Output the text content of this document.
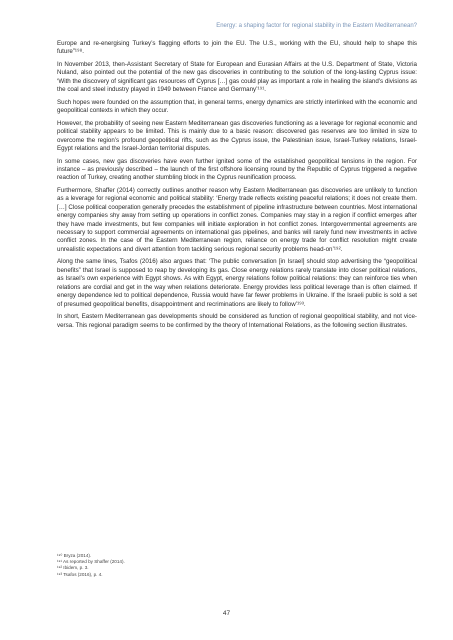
Energy: a shaping factor for regional stability in the Eastern Mediterranean?

Europe and re-energising Turkey’s flagging efforts to join the EU. The U.S., working with the EU, should help to shape this future”¹⁹⁸.

In November 2013, then-Assistant Secretary of State for European and Eurasian Affairs at the U.S. Department of State, Victoria Nuland, also pointed out the potential of the new gas discoveries in contributing to the solution of the long-lasting Cyprus issue: ‘With the discovery of significant gas resources off Cyprus […] gas could play as important a role in healing the island’s divisions as the coal and steel industry played in 1949 between France and Germany’¹⁹¹.

Such hopes were founded on the assumption that, in general terms, energy dynamics are strictly interlinked with the economic and geopolitical contexts in which they occur.

However, the probability of seeing new Eastern Mediterranean gas discoveries functioning as a leverage for regional economic and political stability appears to be limited. This is mainly due to a basic reason: discovered gas reserves are too limited in size to overcome the region’s profound geopolitical rifts, such as the Cyprus issue, the Palestinian issue, Israel-Turkey relations, Israel-Egypt relations and the Israel-Jordan territorial disputes.

In some cases, new gas discoveries have even further ignited some of the established geopolitical tensions in the region. For instance – as previously described – the launch of the first offshore licensing round by the Republic of Cyprus triggered a negative reaction of Turkey, creating another stumbling block in the Cyprus reunification process.

Furthermore, Shaffer (2014) correctly outlines another reason why Eastern Mediterranean gas discoveries are unlikely to function as a leverage for regional economic and political stability: ‘Energy trade reflects existing peaceful relations; it does not create them. […] Close political cooperation generally precedes the establishment of pipeline infrastructure between countries. Most international energy companies shy away from setting up operations in conflict zones. Companies may stay in a region if conflict emerges after they have made investments, but few companies will initiate exploration in hot conflict zones. Intergovernmental agreements are necessary to support commercial agreements on international gas pipelines, and banks will rarely fund new investments in active conflict zones. In the case of the Eastern Mediterranean region, reliance on energy trade for conflict resolution might create unrealistic expectations and divert attention from tackling serious regional security problems head-on’¹⁹².

Along the same lines, Tsafos (2016) also argues that: ‘The public conversation [in Israel] should stop advertising the “geopolitical benefits” that Israel is supposed to reap by developing its gas. Close energy relations rarely translate into closer political relations, as Israel’s own experience with Egypt shows. As with Egypt, energy relations follow political relations: they can reinforce ties when relations are cordial and get in the way when relations deteriorate. Energy provides less political leverage than is often claimed. If energy dependence led to political dependence, Russia would have far fewer problems in Ukraine. If the Israeli public is sold a set of presumed geopolitical benefits, disappointment and recriminations are likely to follow’¹⁹³.

In short, Eastern Mediterranean gas developments should be considered as function of regional geopolitical stability, and not vice-versa. This regional paradigm seems to be confirmed by the theory of International Relations, as the following section illustrates.

¹⁹⁰ Bryza (2014).

¹⁹¹ As reported by Shaffer (2014).

¹⁹² Ibidem, p. 3.

¹⁹³ Tsafos (2016), p. 4.

47
